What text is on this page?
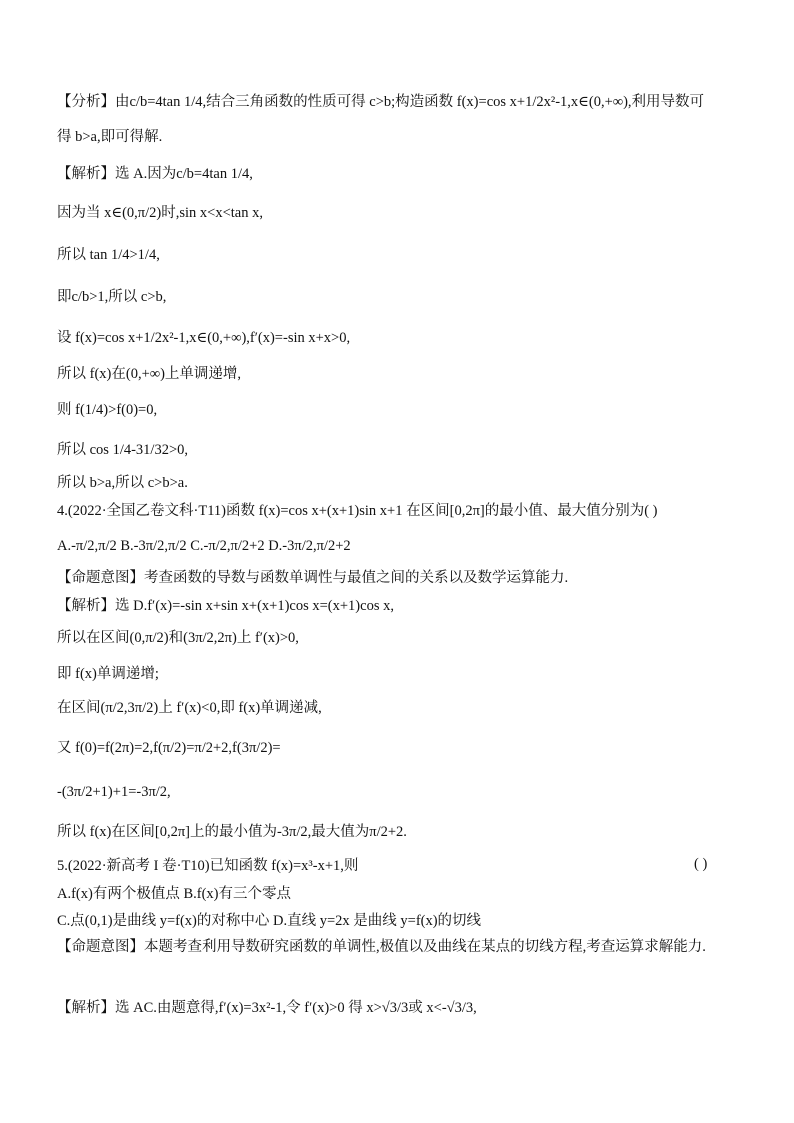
【分析】由c/b=4tan 1/4,结合三角函数的性质可得 c>b;构造函数 f(x)=cos x+1/2x²-1,x∈(0,+∞),利用导数可
得 b>a,即可得解.
【解析】选 A.因为c/b=4tan 1/4,
因为当 x∈(0,π/2)时,sin x<x<tan x,
所以 tan 1/4>1/4,
即c/b>1,所以 c>b,
设 f(x)=cos x+1/2x²-1,x∈(0,+∞),f′(x)=-sin x+x>0,
所以 f(x)在(0,+∞)上单调递增,
则 f(1/4)>f(0)=0,
所以 cos 1/4-31/32>0,
所以 b>a,所以 c>b>a.
4.(2022·全国乙卷文科·T11)函数 f(x)=cos x+(x+1)sin x+1 在区间[0,2π]的最小值、最大值分别为( )
A.-π/2,π/2 B.-3π/2,π/2 C.-π/2,π/2+2 D.-3π/2,π/2+2
【命题意图】考查函数的导数与函数单调性与最值之间的关系以及数学运算能力.
【解析】选 D.f′(x)=-sin x+sin x+(x+1)cos x=(x+1)cos x,
所以在区间(0,π/2)和(3π/2,2π)上 f′(x)>0,
即 f(x)单调递增;
在区间(π/2,3π/2)上 f′(x)<0,即 f(x)单调递减,
又 f(0)=f(2π)=2,f(π/2)=π/2+2,f(3π/2)=
-(3π/2+1)+1=-3π/2,
所以 f(x)在区间[0,2π]上的最小值为-3π/2,最大值为π/2+2.
5.(2022·新高考 I 卷·T10)已知函数 f(x)=x³-x+1,则	( )
A.f(x)有两个极值点 B.f(x)有三个零点
C.点(0,1)是曲线 y=f(x)的对称中心 D.直线 y=2x 是曲线 y=f(x)的切线
【命题意图】本题考查利用导数研究函数的单调性,极值以及曲线在某点的切线方程,考查运算求解能力.
【解析】选 AC.由题意得,f′(x)=3x²-1,令 f′(x)>0 得 x>√3/3或 x<-√3/3,
